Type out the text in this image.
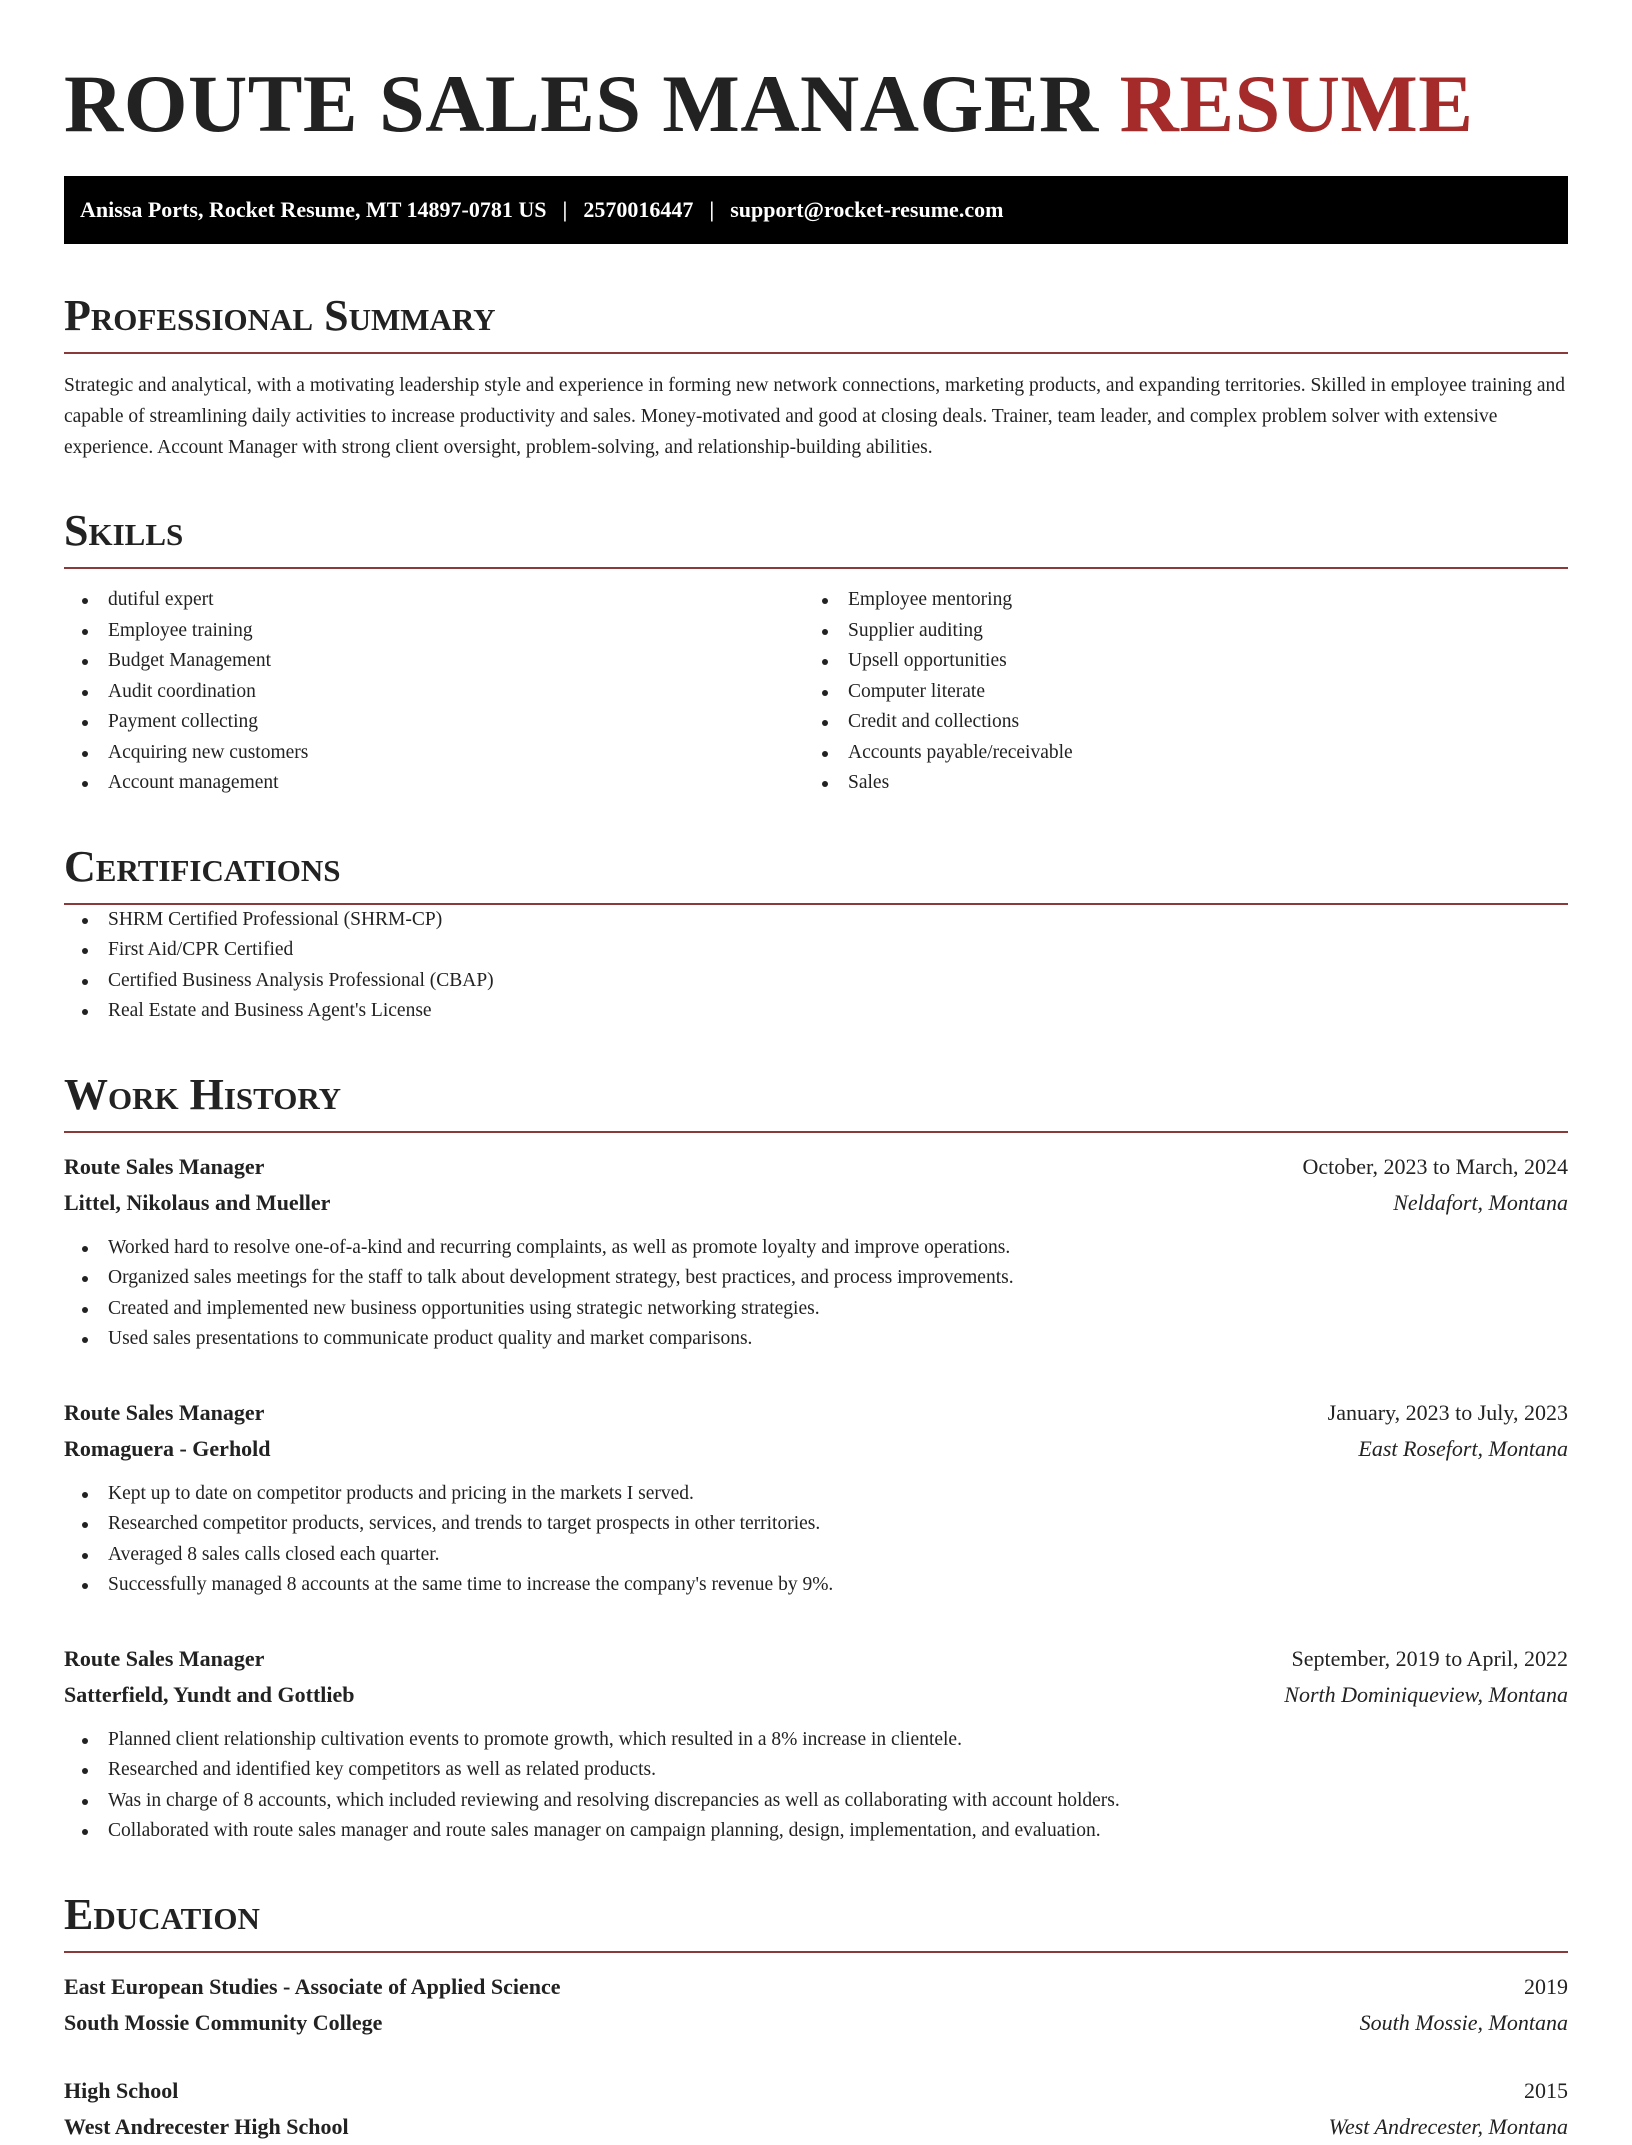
ROUTE SALES MANAGER RESUME
Anissa Ports, Rocket Resume, MT 14897-0781 US | 2570016447 | support@rocket-resume.com
Professional Summary

Strategic and analytical, with a motivating leadership style and experience in forming new network connections, marketing products, and expanding territories. Skilled in employee training and capable of streamlining daily activities to increase productivity and sales. Money-motivated and good at closing deals. Trainer, team leader, and complex problem solver with extensive experience. Account Manager with strong client oversight, problem-solving, and relationship-building abilities.

Skills
dutiful expert
Employee training
Budget Management
Audit coordination
Payment collecting
Acquiring new customers
Account management
Employee mentoring
Supplier auditing
Upsell opportunities
Computer literate
Credit and collections
Accounts payable/receivable
Sales
Certifications
SHRM Certified Professional (SHRM-CP)
First Aid/CPR Certified
Certified Business Analysis Professional (CBAP)
Real Estate and Business Agent's License
Work History
Route Sales Manager	October, 2023 to March, 2024
Littel, Nikolaus and Mueller	Neldafort, Montana
Worked hard to resolve one-of-a-kind and recurring complaints, as well as promote loyalty and improve operations.
Organized sales meetings for the staff to talk about development strategy, best practices, and process improvements.
Created and implemented new business opportunities using strategic networking strategies.
Used sales presentations to communicate product quality and market comparisons.
Route Sales Manager	January, 2023 to July, 2023
Romaguera - Gerhold	East Rosefort, Montana
Kept up to date on competitor products and pricing in the markets I served.
Researched competitor products, services, and trends to target prospects in other territories.
Averaged 8 sales calls closed each quarter.
Successfully managed 8 accounts at the same time to increase the company's revenue by 9%.
Route Sales Manager	September, 2019 to April, 2022
Satterfield, Yundt and Gottlieb	North Dominiqueview, Montana
Planned client relationship cultivation events to promote growth, which resulted in a 8% increase in clientele.
Researched and identified key competitors as well as related products.
Was in charge of 8 accounts, which included reviewing and resolving discrepancies as well as collaborating with account holders.
Collaborated with route sales manager and route sales manager on campaign planning, design, implementation, and evaluation.
Education
East European Studies - Associate of Applied Science	2019
South Mossie Community College	South Mossie, Montana
High School	2015
West Andrecester High School	West Andrecester, Montana
